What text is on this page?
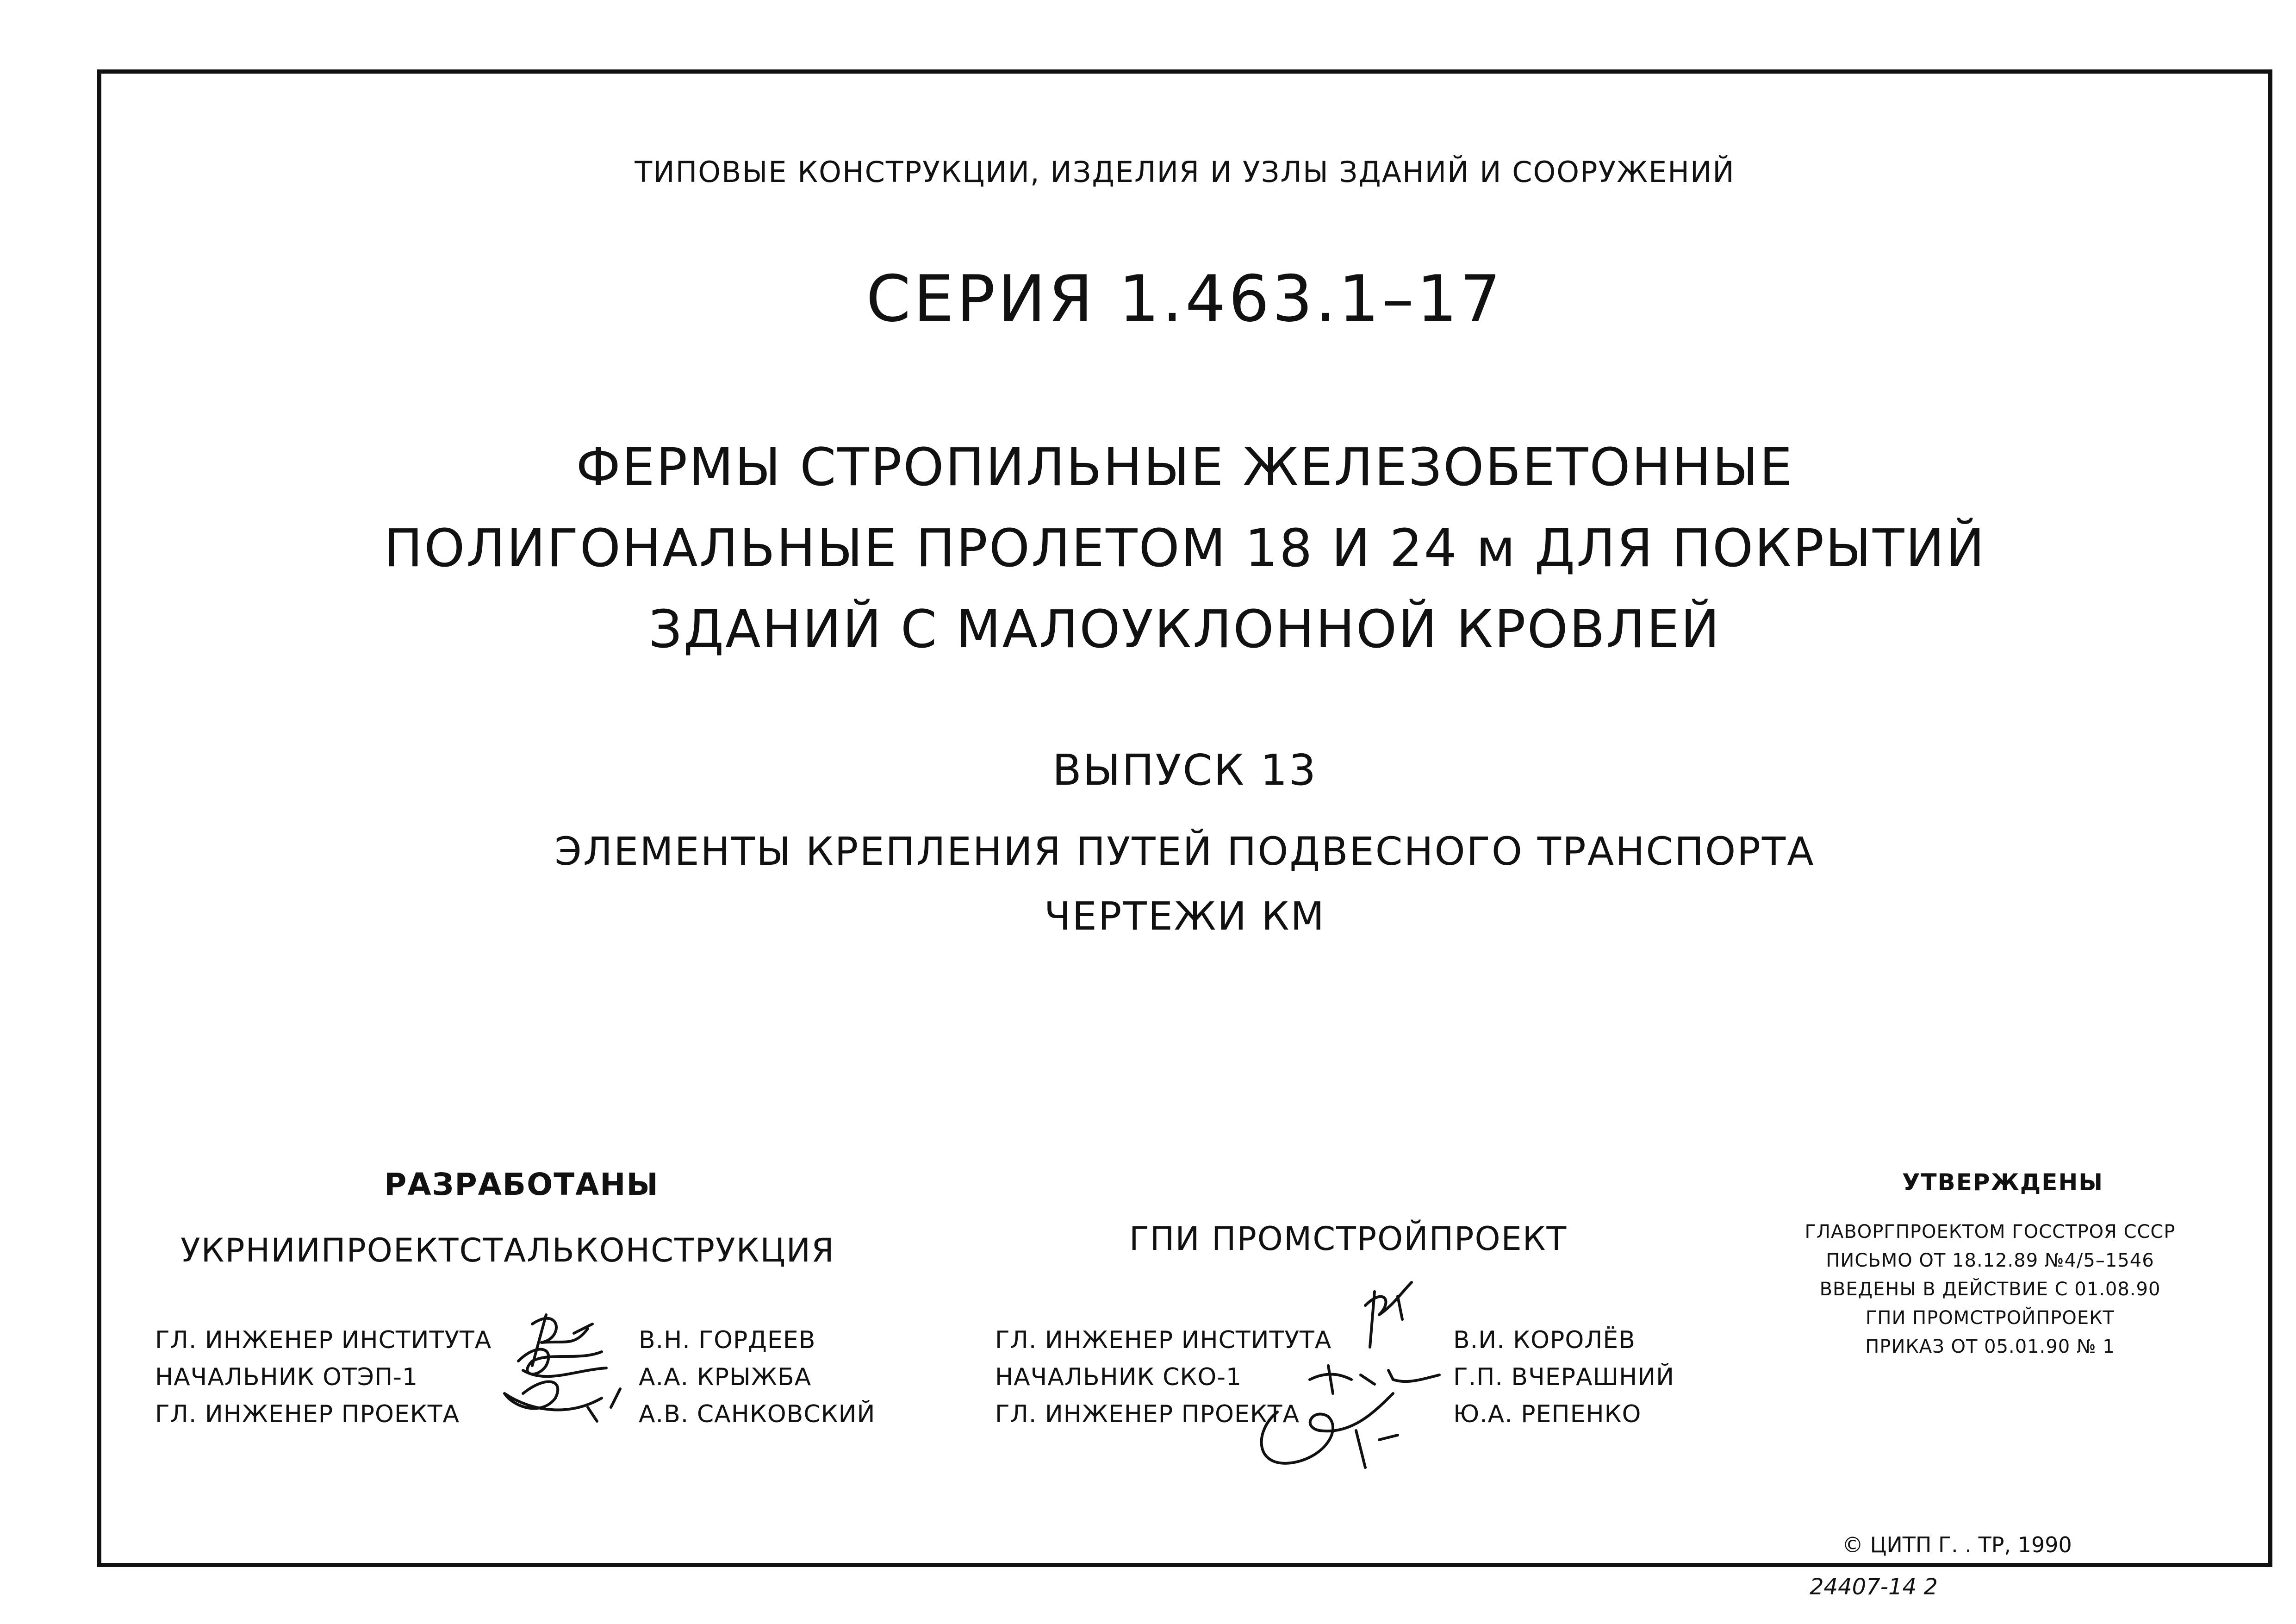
ТИПОВЫЕ КОНСТРУКЦИИ, ИЗДЕЛИЯ И УЗЛЫ ЗДАНИЙ И СООРУЖЕНИЙ
СЕРИЯ 1.463.1–17
ФЕРМЫ СТРОПИЛЬНЫЕ ЖЕЛЕЗОБЕТОННЫЕ
ПОЛИГОНАЛЬНЫЕ ПРОЛЕТОМ 18 И 24 м ДЛЯ ПОКРЫТИЙ
ЗДАНИЙ С МАЛОУКЛОННОЙ КРОВЛЕЙ
ВЫПУСК 13
ЭЛЕМЕНТЫ КРЕПЛЕНИЯ ПУТЕЙ ПОДВЕСНОГО ТРАНСПОРТА
ЧЕРТЕЖИ КМ
РАЗРАБОТАНЫ
УКРНИИПРОЕКТСТАЛЬКОНСТРУКЦИЯ
ГЛ. ИНЖЕНЕР ИНСТИТУТА
НАЧАЛЬНИК ОТЭП-1
ГЛ. ИНЖЕНЕР ПРОЕКТА
В.Н. ГОРДЕЕВ
А.А. КРЫЖБА
А.В. САНКОВСКИЙ
ГПИ ПРОМСТРОЙПРОЕКТ
ГЛ. ИНЖЕНЕР ИНСТИТУТА
НАЧАЛЬНИК СКО-1
ГЛ. ИНЖЕНЕР ПРОЕКТА
В.И. КОРОЛЁВ
Г.П. ВЧЕРАШНИЙ
Ю.А. РЕПЕНКО
УТВЕРЖДЕНЫ
ГЛАВОРГПРОЕКТОМ ГОССТРОЯ СССР
ПИСЬМО ОТ 18.12.89 №4/5–1546
ВВЕДЕНЫ В ДЕЙСТВИЕ С 01.08.90
ГПИ ПРОМСТРОЙПРОЕКТ
ПРИКАЗ ОТ 05.01.90 № 1
© ЦИТП Г. . ТР, 1990
24407-14 2
